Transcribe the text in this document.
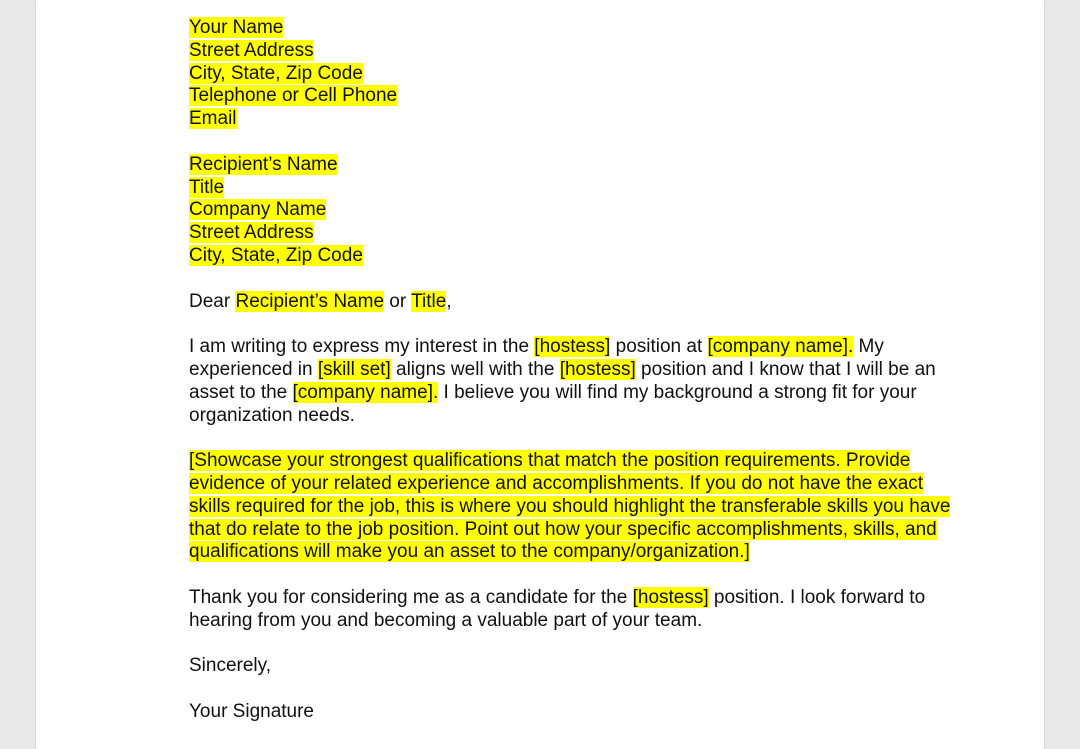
Your Name

Street Address

City, State, Zip Code

Telephone or Cell Phone

Email

Recipient’s Name

Title

Company Name

Street Address

City, State, Zip Code

Dear Recipient’s Name or Title,

I am writing to express my interest in the [hostess] position at [company name]. My experienced in [skill set] aligns well with the [hostess] position and I know that I will be an asset to the [company name]. I believe you will find my background a strong fit for your organization needs.

[Showcase your strongest qualifications that match the position requirements. Provide evidence of your related experience and accomplishments. If you do not have the exact skills required for the job, this is where you should highlight the transferable skills you have that do relate to the job position. Point out how your specific accomplishments, skills, and qualifications will make you an asset to the company/organization.]

Thank you for considering me as a candidate for the [hostess] position. I look forward to hearing from you and becoming a valuable part of your team.

Sincerely,

Your Signature
